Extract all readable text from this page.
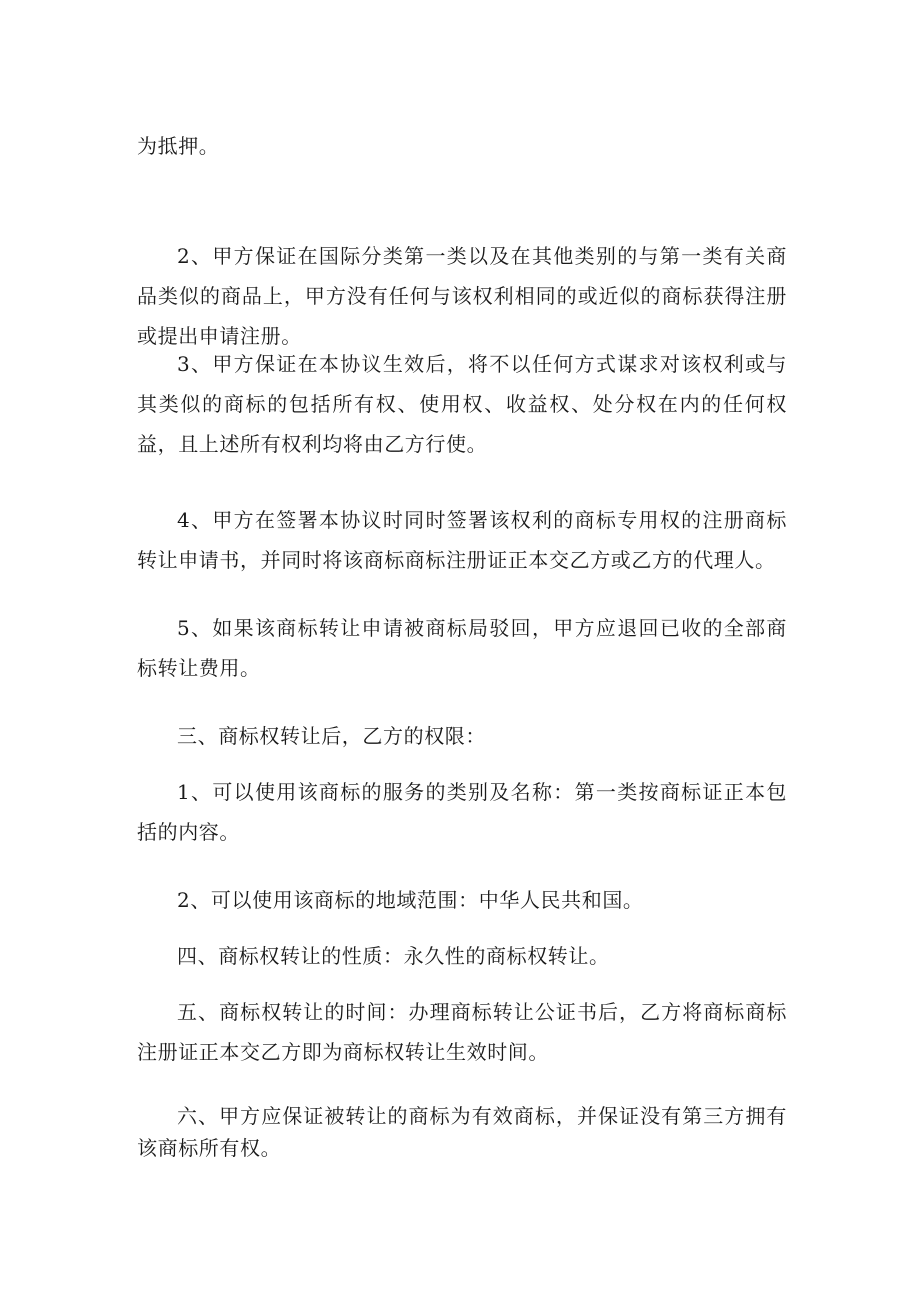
为抵押。

2、甲方保证在国际分类第一类以及在其他类别的与第一类有关商品类似的商品上，甲方没有任何与该权利相同的或近似的商标获得注册或提出申请注册。

3、甲方保证在本协议生效后，将不以任何方式谋求对该权利或与其类似的商标的包括所有权、使用权、收益权、处分权在内的任何权益，且上述所有权利均将由乙方行使。

4、甲方在签署本协议时同时签署该权利的商标专用权的注册商标转让申请书，并同时将该商标商标注册证正本交乙方或乙方的代理人。

5、如果该商标转让申请被商标局驳回，甲方应退回已收的全部商标转让费用。

三、商标权转让后，乙方的权限：

1、可以使用该商标的服务的类别及名称：第一类按商标证正本包括的内容。

2、可以使用该商标的地域范围：中华人民共和国。

四、商标权转让的性质：永久性的商标权转让。

五、商标权转让的时间：办理商标转让公证书后，乙方将商标商标注册证正本交乙方即为商标权转让生效时间。

六、甲方应保证被转让的商标为有效商标，并保证没有第三方拥有该商标所有权。
